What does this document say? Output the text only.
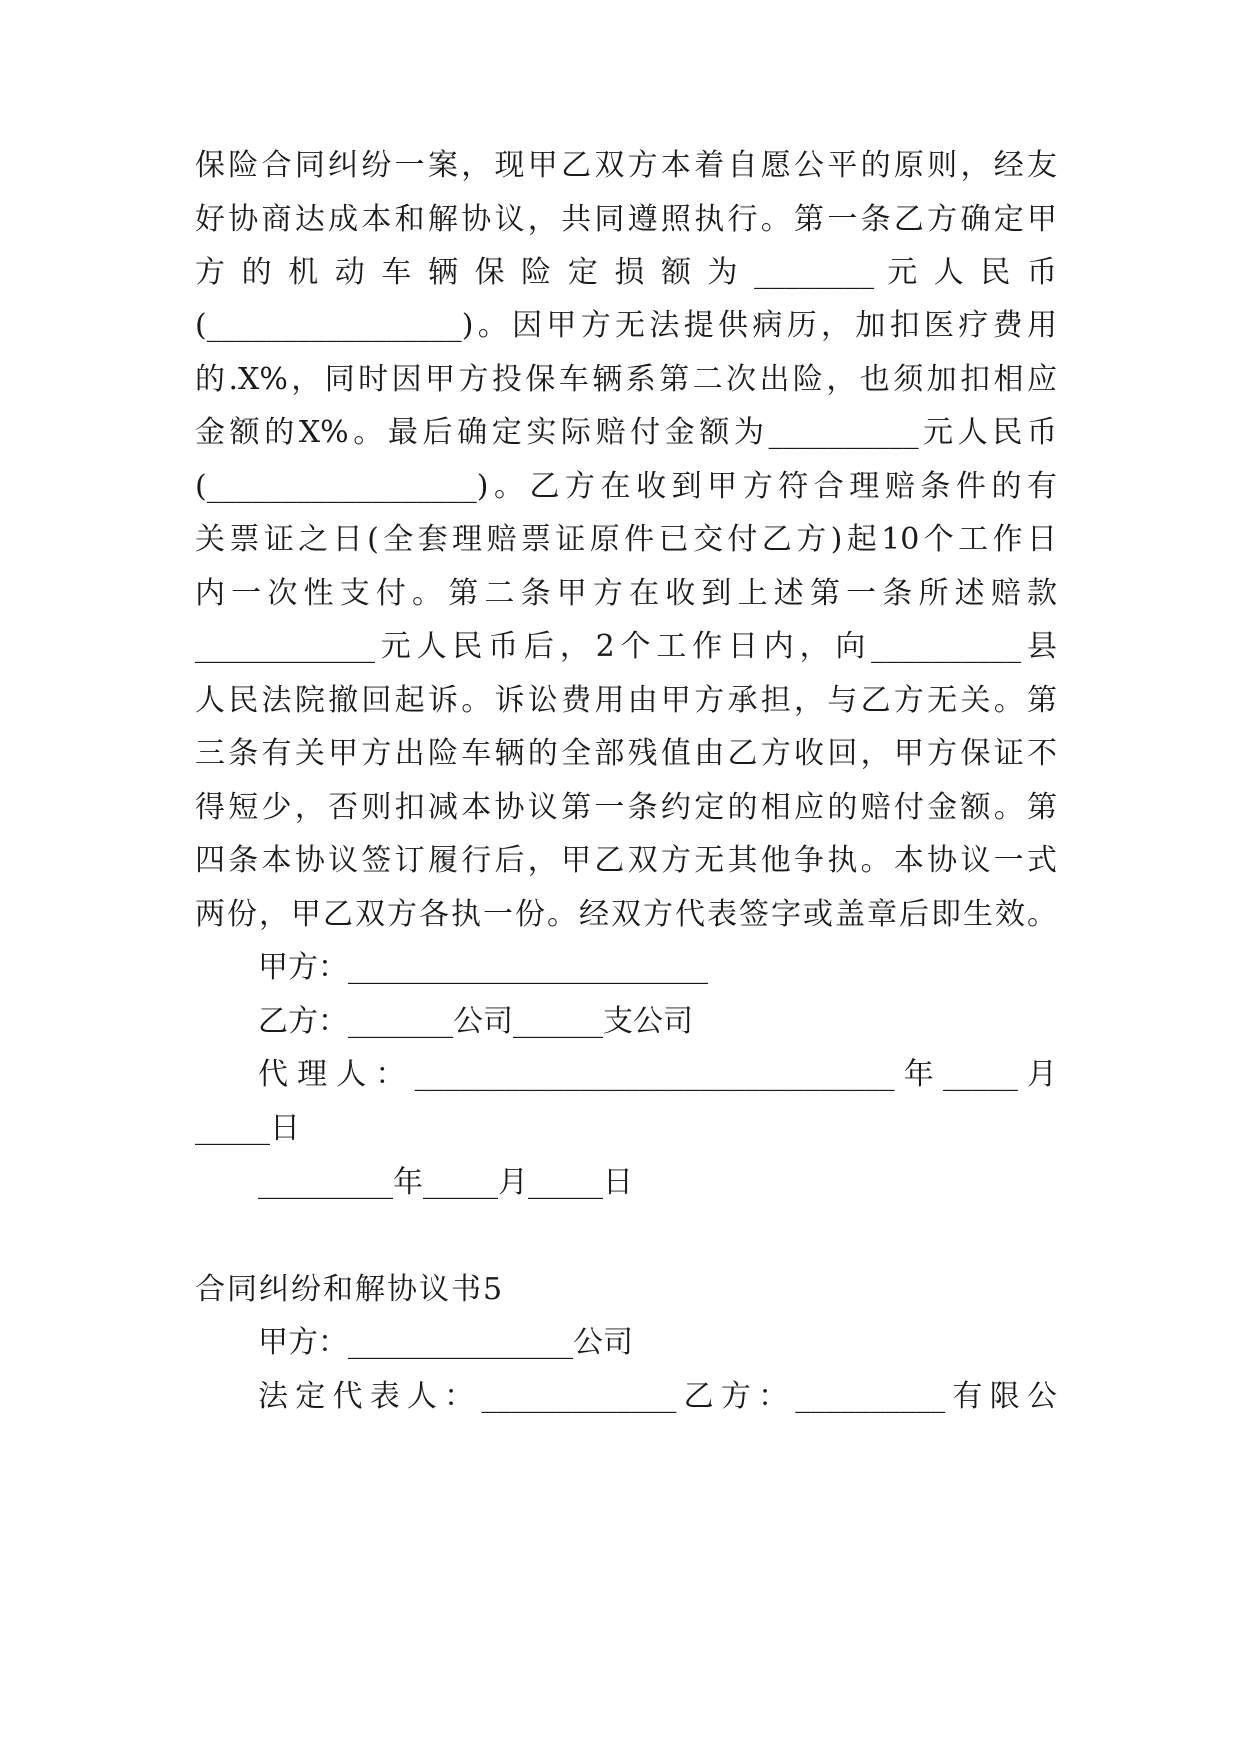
保险合同纠纷一案，现甲乙双方本着自愿公平的原则，经友
好协商达成本和解协议，共同遵照执行。第一条乙方确定甲
方 的 机 动 车 辆 保 险 定 损 额 为 ________ 元 人 民 币
(_________________)。因甲方无法提供病历，加扣医疗费用
的.X%，同时因甲方投保车辆系第二次出险，也须加扣相应
金额的X%。最后确定实际赔付金额为__________元人民币
(__________________)。乙方在收到甲方符合理赔条件的有
关票证之日(全套理赔票证原件已交付乙方)起10个工作日
内一次性支付。第二条甲方在收到上述第一条所述赔款
____________元人民币后，2个工作日内，向__________县
人民法院撤回起诉。诉讼费用由甲方承担，与乙方无关。第
三条有关甲方出险车辆的全部残值由乙方收回，甲方保证不
得短少，否则扣减本协议第一条约定的相应的赔付金额。第
四条本协议签订履行后，甲乙双方无其他争执。本协议一式
两份，甲乙双方各执一份。经双方代表签字或盖章后即生效。
甲方：________________________
乙方：_______公司______支公司
代理人：________________________________年_____月
_____日
_________年_____月_____日
合同纠纷和解协议书5
甲方：_______________公司
法定代表人：_____________乙方：__________有限公
